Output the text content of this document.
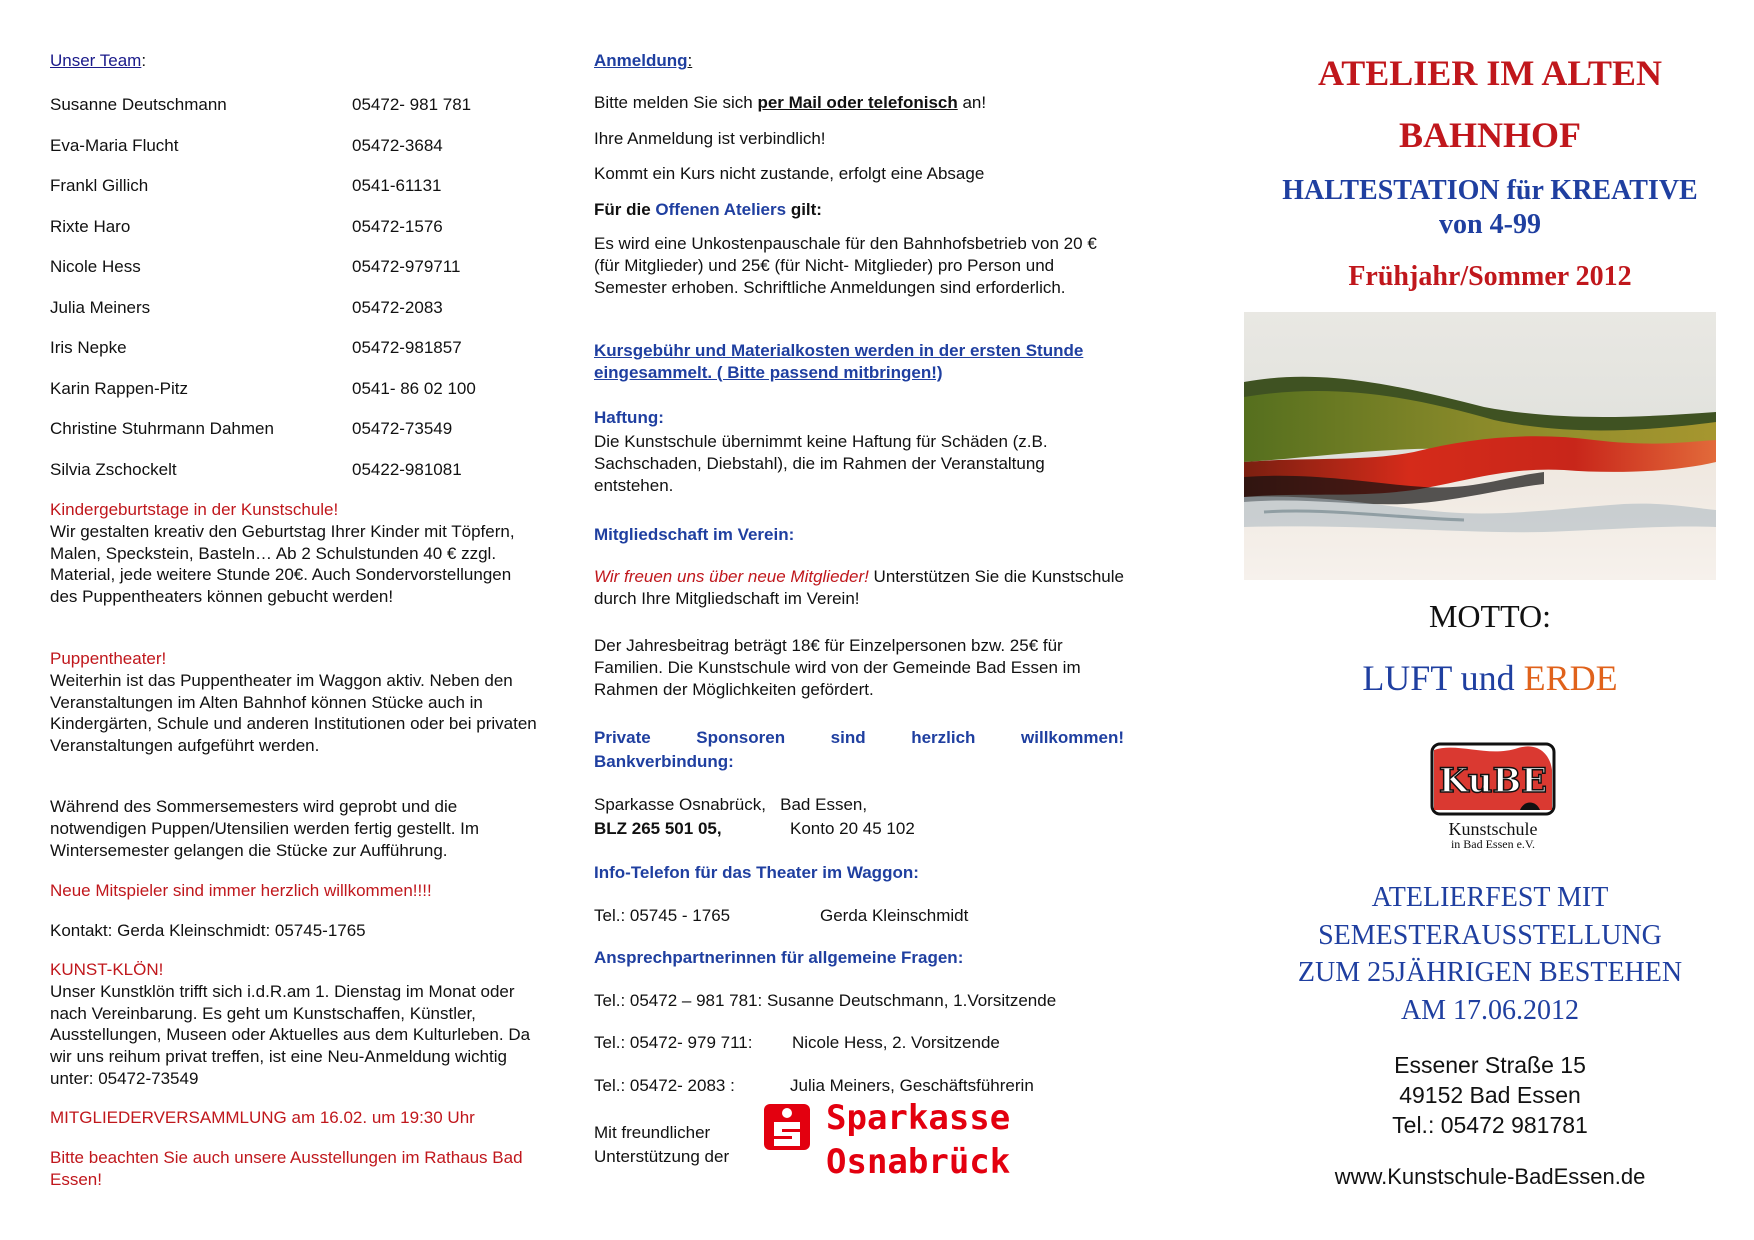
Unser Team:
Susanne Deutschmann	05472- 981 781
Eva-Maria Flucht	05472-3684
Frankl Gillich	0541-61131
Rixte Haro	05472-1576
Nicole Hess	05472-979711
Julia Meiners	05472-2083
Iris Nepke	05472-981857
Karin Rappen-Pitz	0541- 86 02 100
Christine Stuhrmann Dahmen	05472-73549
Silvia Zschockelt	05422-981081
Kindergeburtstage in der Kunstschule!
Wir gestalten kreativ den Geburtstag Ihrer Kinder mit Töpfern, Malen, Speckstein, Basteln… Ab 2 Schulstunden 40 € zzgl. Material, jede weitere Stunde 20€. Auch Sondervorstellungen des Puppentheaters können gebucht werden!
Puppentheater!
Weiterhin ist das Puppentheater im Waggon aktiv. Neben den Veranstaltungen im Alten Bahnhof können Stücke auch in Kindergärten, Schule und anderen Institutionen oder bei privaten Veranstaltungen aufgeführt werden.
Während des Sommersemesters wird geprobt und die notwendigen Puppen/Utensilien werden fertig gestellt. Im Wintersemester gelangen die Stücke zur Aufführung.
Neue Mitspieler sind immer herzlich willkommen!!!!
Kontakt: Gerda Kleinschmidt: 05745-1765
KUNST-KLÖN!
Unser Kunstklön trifft sich i.d.R.am 1. Dienstag im Monat oder nach Vereinbarung. Es geht um Kunstschaffen, Künstler, Ausstellungen, Museen oder Aktuelles aus dem Kulturleben. Da wir uns reihum privat treffen, ist eine Neu-Anmeldung wichtig unter: 05472-73549
MITGLIEDERVERSAMMLUNG am 16.02. um 19:30 Uhr
Bitte beachten Sie auch unsere Ausstellungen im Rathaus Bad Essen!
Anmeldung:
Bitte melden Sie sich per Mail oder telefonisch an!
Ihre Anmeldung ist verbindlich!
Kommt ein Kurs nicht zustande, erfolgt eine Absage
Für die Offenen Ateliers gilt:
Es wird eine Unkostenpauschale für den Bahnhofsbetrieb von 20 € (für Mitglieder) und 25€ (für Nicht- Mitglieder) pro Person und Semester erhoben. Schriftliche Anmeldungen sind erforderlich.
Kursgebühr und Materialkosten werden in der ersten Stunde eingesammelt. ( Bitte passend mitbringen!)
Haftung:
Die Kunstschule übernimmt keine Haftung für Schäden (z.B. Sachschaden, Diebstahl), die im Rahmen der Veranstaltung entstehen.
Mitgliedschaft im Verein:
Wir freuen uns über neue Mitglieder! Unterstützen Sie die Kunstschule durch Ihre Mitgliedschaft im Verein!
Der Jahresbeitrag beträgt 18€ für Einzelpersonen bzw. 25€ für Familien. Die Kunstschule wird von der Gemeinde Bad Essen im Rahmen der Möglichkeiten gefördert.
Private Sponsoren sind herzlich willkommen!
Bankverbindung:
Sparkasse Osnabrück,   Bad Essen,
BLZ 265 501 05,	Konto 20 45 102
Info-Telefon für das Theater im Waggon:
Tel.: 05745 - 1765	Gerda Kleinschmidt
Ansprechpartnerinnen für allgemeine Fragen:
Tel.: 05472 – 981 781: Susanne Deutschmann, 1.Vorsitzende
Tel.: 05472- 979 711: Nicole Hess, 2. Vorsitzende
Tel.: 05472- 2083 :	Julia Meiners, Geschäftsführerin
Mit freundlicher
Unterstützung der
Sparkasse
Osnabrück
ATELIER IM ALTEN
BAHNHOF
HALTESTATION für KREATIVE
von 4-99
Frühjahr/Sommer 2012
MOTTO:
LUFT und ERDE
ATELIERFEST MIT
SEMESTERAUSSTELLUNG
ZUM 25JÄHRIGEN BESTEHEN
AM 17.06.2012
Essener Straße 15
49152 Bad Essen
Tel.: 05472 981781
www.Kunstschule-BadEssen.de
KuBE
Kunstschule
in Bad Essen e.V.
